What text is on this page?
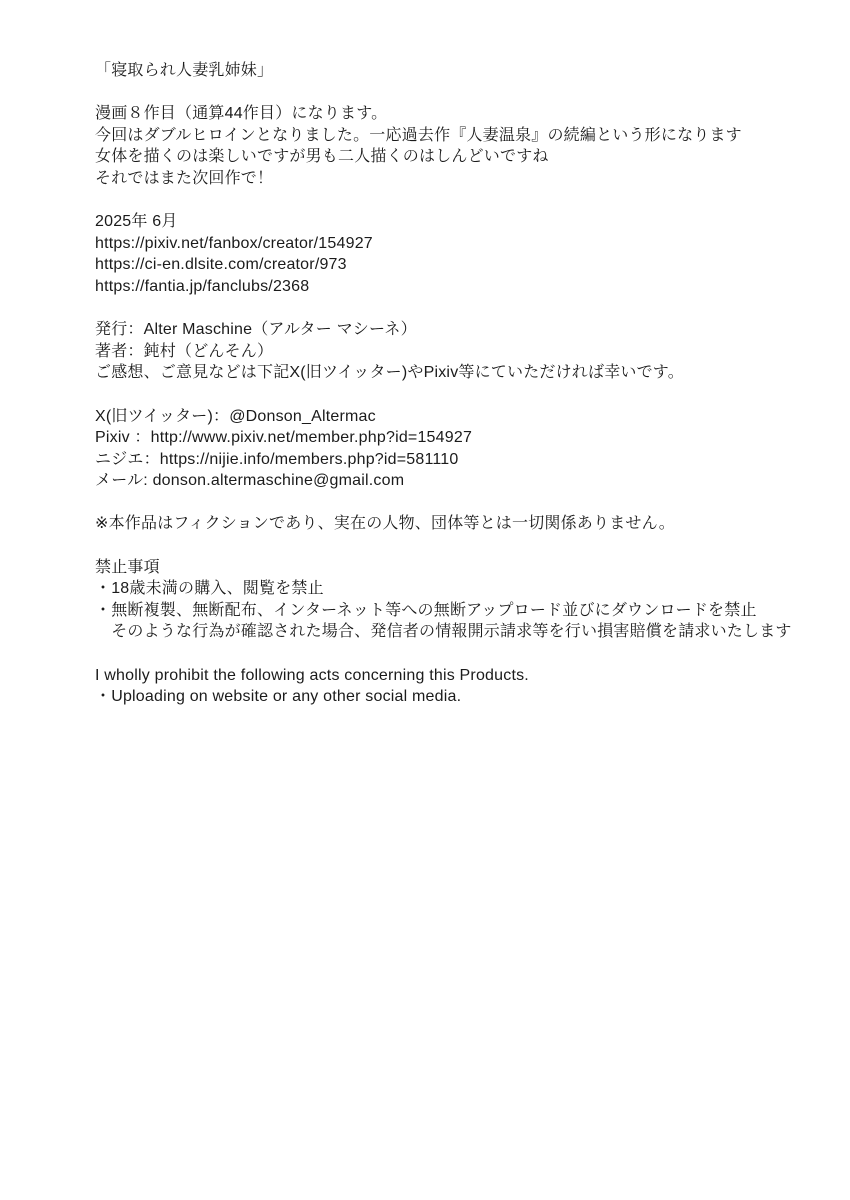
「寝取られ人妻乳姉妹」

漫画８作目（通算44作目）になります。
今回はダブルヒロインとなりました。一応過去作『人妻温泉』の続編という形になります
女体を描くのは楽しいですが男も二人描くのはしんどいですね
それではまた次回作で！

2025年 6月
https://pixiv.net/fanbox/creator/154927
https://ci-en.dlsite.com/creator/973
https://fantia.jp/fanclubs/2368

発行：Alter Maschine（アルター マシーネ）
著者：鈍村（どんそん）
ご感想、ご意見などは下記X(旧ツイッター)やPixiv等にていただければ幸いです。

X(旧ツイッター)：@Donson_Altermac
Pixiv ：http://www.pixiv.net/member.php?id=154927
ニジエ：https://nijie.info/members.php?id=581110
メール: donson.altermaschine@gmail.com

※本作品はフィクションであり、実在の人物、団体等とは一切関係ありません。

禁止事項
・18歳未満の購入、閲覧を禁止
・無断複製、無断配布、インターネット等への無断アップロード並びにダウンロードを禁止
　そのような行為が確認された場合、発信者の情報開示請求等を行い損害賠償を請求いたします

I wholly prohibit the following acts concerning this Products.
・Uploading on website or any other social media.
